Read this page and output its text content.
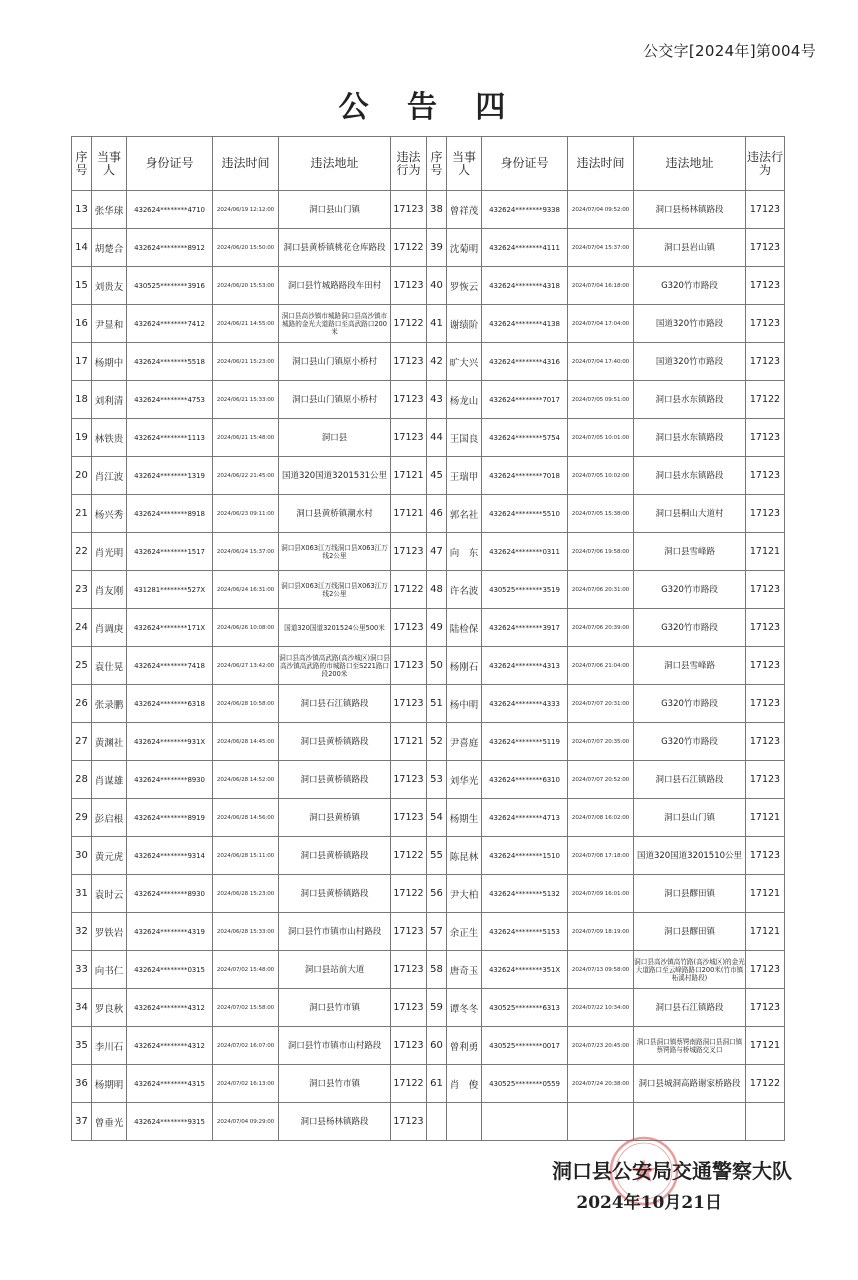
公交字[2024年]第004号
公 告 四
序号	当事人	身份证号	违法时间	违法地址	违法行为	序号	当事人	身份证号	违法时间	违法地址	违法行为
13	张华球	432624********4710	2024/06/19 12:12:00	洞口县山门镇	17123	38	曾祥茂	432624********9338	2024/07/04 09:52:00	洞口县杨林镇路段	17123
14	胡楚合	432624********8912	2024/06/20 15:50:00	洞口县黄桥镇桃花仓库路段	17122	39	沈菊明	432624********4111	2024/07/04 15:37:00	洞口县岩山镇	17123
15	刘贵友	430525********3916	2024/06/20 15:53:00	洞口县竹城路路段车田村	17123	40	罗恢云	432624********4318	2024/07/04 16:18:00	G320竹市路段	17123
16	尹显和	432624********7412	2024/06/21 14:55:00	洞口县高沙镇市城路洞口县高沙镇市城路的金光大道路口至高武路口200米	17122	41	谢绩阶	432624********4138	2024/07/04 17:04:00	国道320竹市路段	17123
17	杨期中	432624********5518	2024/06/21 15:23:00	洞口县山门镇原小桥村	17123	42	旷大兴	432624********4316	2024/07/04 17:40:00	国道320竹市路段	17123
18	刘利清	432624********4753	2024/06/21 15:33:00	洞口县山门镇原小桥村	17123	43	杨龙山	432624********7017	2024/07/05 09:51:00	洞口县水东镇路段	17122
19	林铁贵	432624********1113	2024/06/21 15:48:00	洞口县	17123	44	王国良	432624********5754	2024/07/05 10:01:00	洞口县水东镇路段	17123
20	肖江波	432624********1319	2024/06/22 21:45:00	国道320国道3201531公里	17121	45	王瑞甲	432624********7018	2024/07/05 10:02:00	洞口县水东镇路段	17123
21	杨兴秀	432624********8918	2024/06/23 09:11:00	洞口县黄桥镇潮水村	17121	46	郭名社	432624********5510	2024/07/05 15:38:00	洞口县桐山大道村	17123
22	肖光明	432624********1517	2024/06/24 15:37:00	洞口县X063江万线洞口县X063江万线2公里	17123	47	向　东	432624********0311	2024/07/06 19:58:00	洞口县雪峰路	17121
23	肖友刚	431281********527X	2024/06/24 16:31:00	洞口县X063江万线洞口县X063江万线2公里	17122	48	许名波	430525********3519	2024/07/06 20:31:00	G320竹市路段	17123
24	肖调庚	432624********171X	2024/06/26 10:08:00	国道320国道3201524公里500米	17123	49	陆检保	432624********3917	2024/07/06 20:39:00	G320竹市路段	17123
25	袁仕晃	432624********7418	2024/06/27 13:42:00	洞口县高沙镇高武路(高沙城区)洞口县高沙镇高武路的市城路口至S221路口段200米	17123	50	杨刚石	432624********4313	2024/07/06 21:04:00	洞口县雪峰路	17123
26	张录鹏	432624********6318	2024/06/28 10:58:00	洞口县石江镇路段	17123	51	杨中明	432624********4333	2024/07/07 20:31:00	G320竹市路段	17123
27	黄渊社	432624********931X	2024/06/28 14:45:00	洞口县黄桥镇路段	17121	52	尹喜庭	432624********5119	2024/07/07 20:35:00	G320竹市路段	17123
28	肖谋雄	432624********8930	2024/06/28 14:52:00	洞口县黄桥镇路段	17123	53	刘华光	432624********6310	2024/07/07 20:52:00	洞口县石江镇路段	17123
29	彭启根	432624********8919	2024/06/28 14:56:00	洞口县黄桥镇	17123	54	杨期生	432624********4713	2024/07/08 16:02:00	洞口县山门镇	17121
30	黄元虎	432624********9314	2024/06/28 15:11:00	洞口县黄桥镇路段	17122	55	陈昆林	432624********1510	2024/07/08 17:18:00	国道320国道3201510公里	17123
31	袁时云	432624********8930	2024/06/28 15:23:00	洞口县黄桥镇路段	17122	56	尹大柏	432624********5132	2024/07/09 16:01:00	洞口县醪田镇	17121
32	罗铁岩	432624********4319	2024/06/28 15:33:00	洞口县竹市镇市山村路段	17123	57	余正生	432624********5153	2024/07/09 18:19:00	洞口县醪田镇	17121
33	向书仁	432624********0315	2024/07/02 15:48:00	洞口县站前大道	17123	58	唐奇玉	432624********351X	2024/07/13 09:58:00	洞口县高沙镇高竹路(高沙城区)的金光大道路口至云峰路路口200米(竹市镇柘溪村路段)	17123
34	罗良秋	432624********4312	2024/07/02 15:58:00	洞口县竹市镇	17123	59	谭冬冬	430525********6313	2024/07/22 10:34:00	洞口县石江镇路段	17123
35	李川石	432624********4312	2024/07/02 16:07:00	洞口县竹市镇市山村路段	17123	60	曾利勇	430525********0017	2024/07/23 20:45:00	洞口县洞口镇蔡锷南路洞口县洞口镇蔡锷路与桥城路交叉口	17121
36	杨期明	432624********4315	2024/07/02 16:13:00	洞口县竹市镇	17122	61	肖　俊	430525********0559	2024/07/24 20:38:00	洞口县城洞高路谢家桥路段	17122
37	曾垂光	432624********9315	2024/07/04 09:29:00	洞口县杨林镇路段	17123						
洞口县公安局交通警察大队
2024年10月21日
